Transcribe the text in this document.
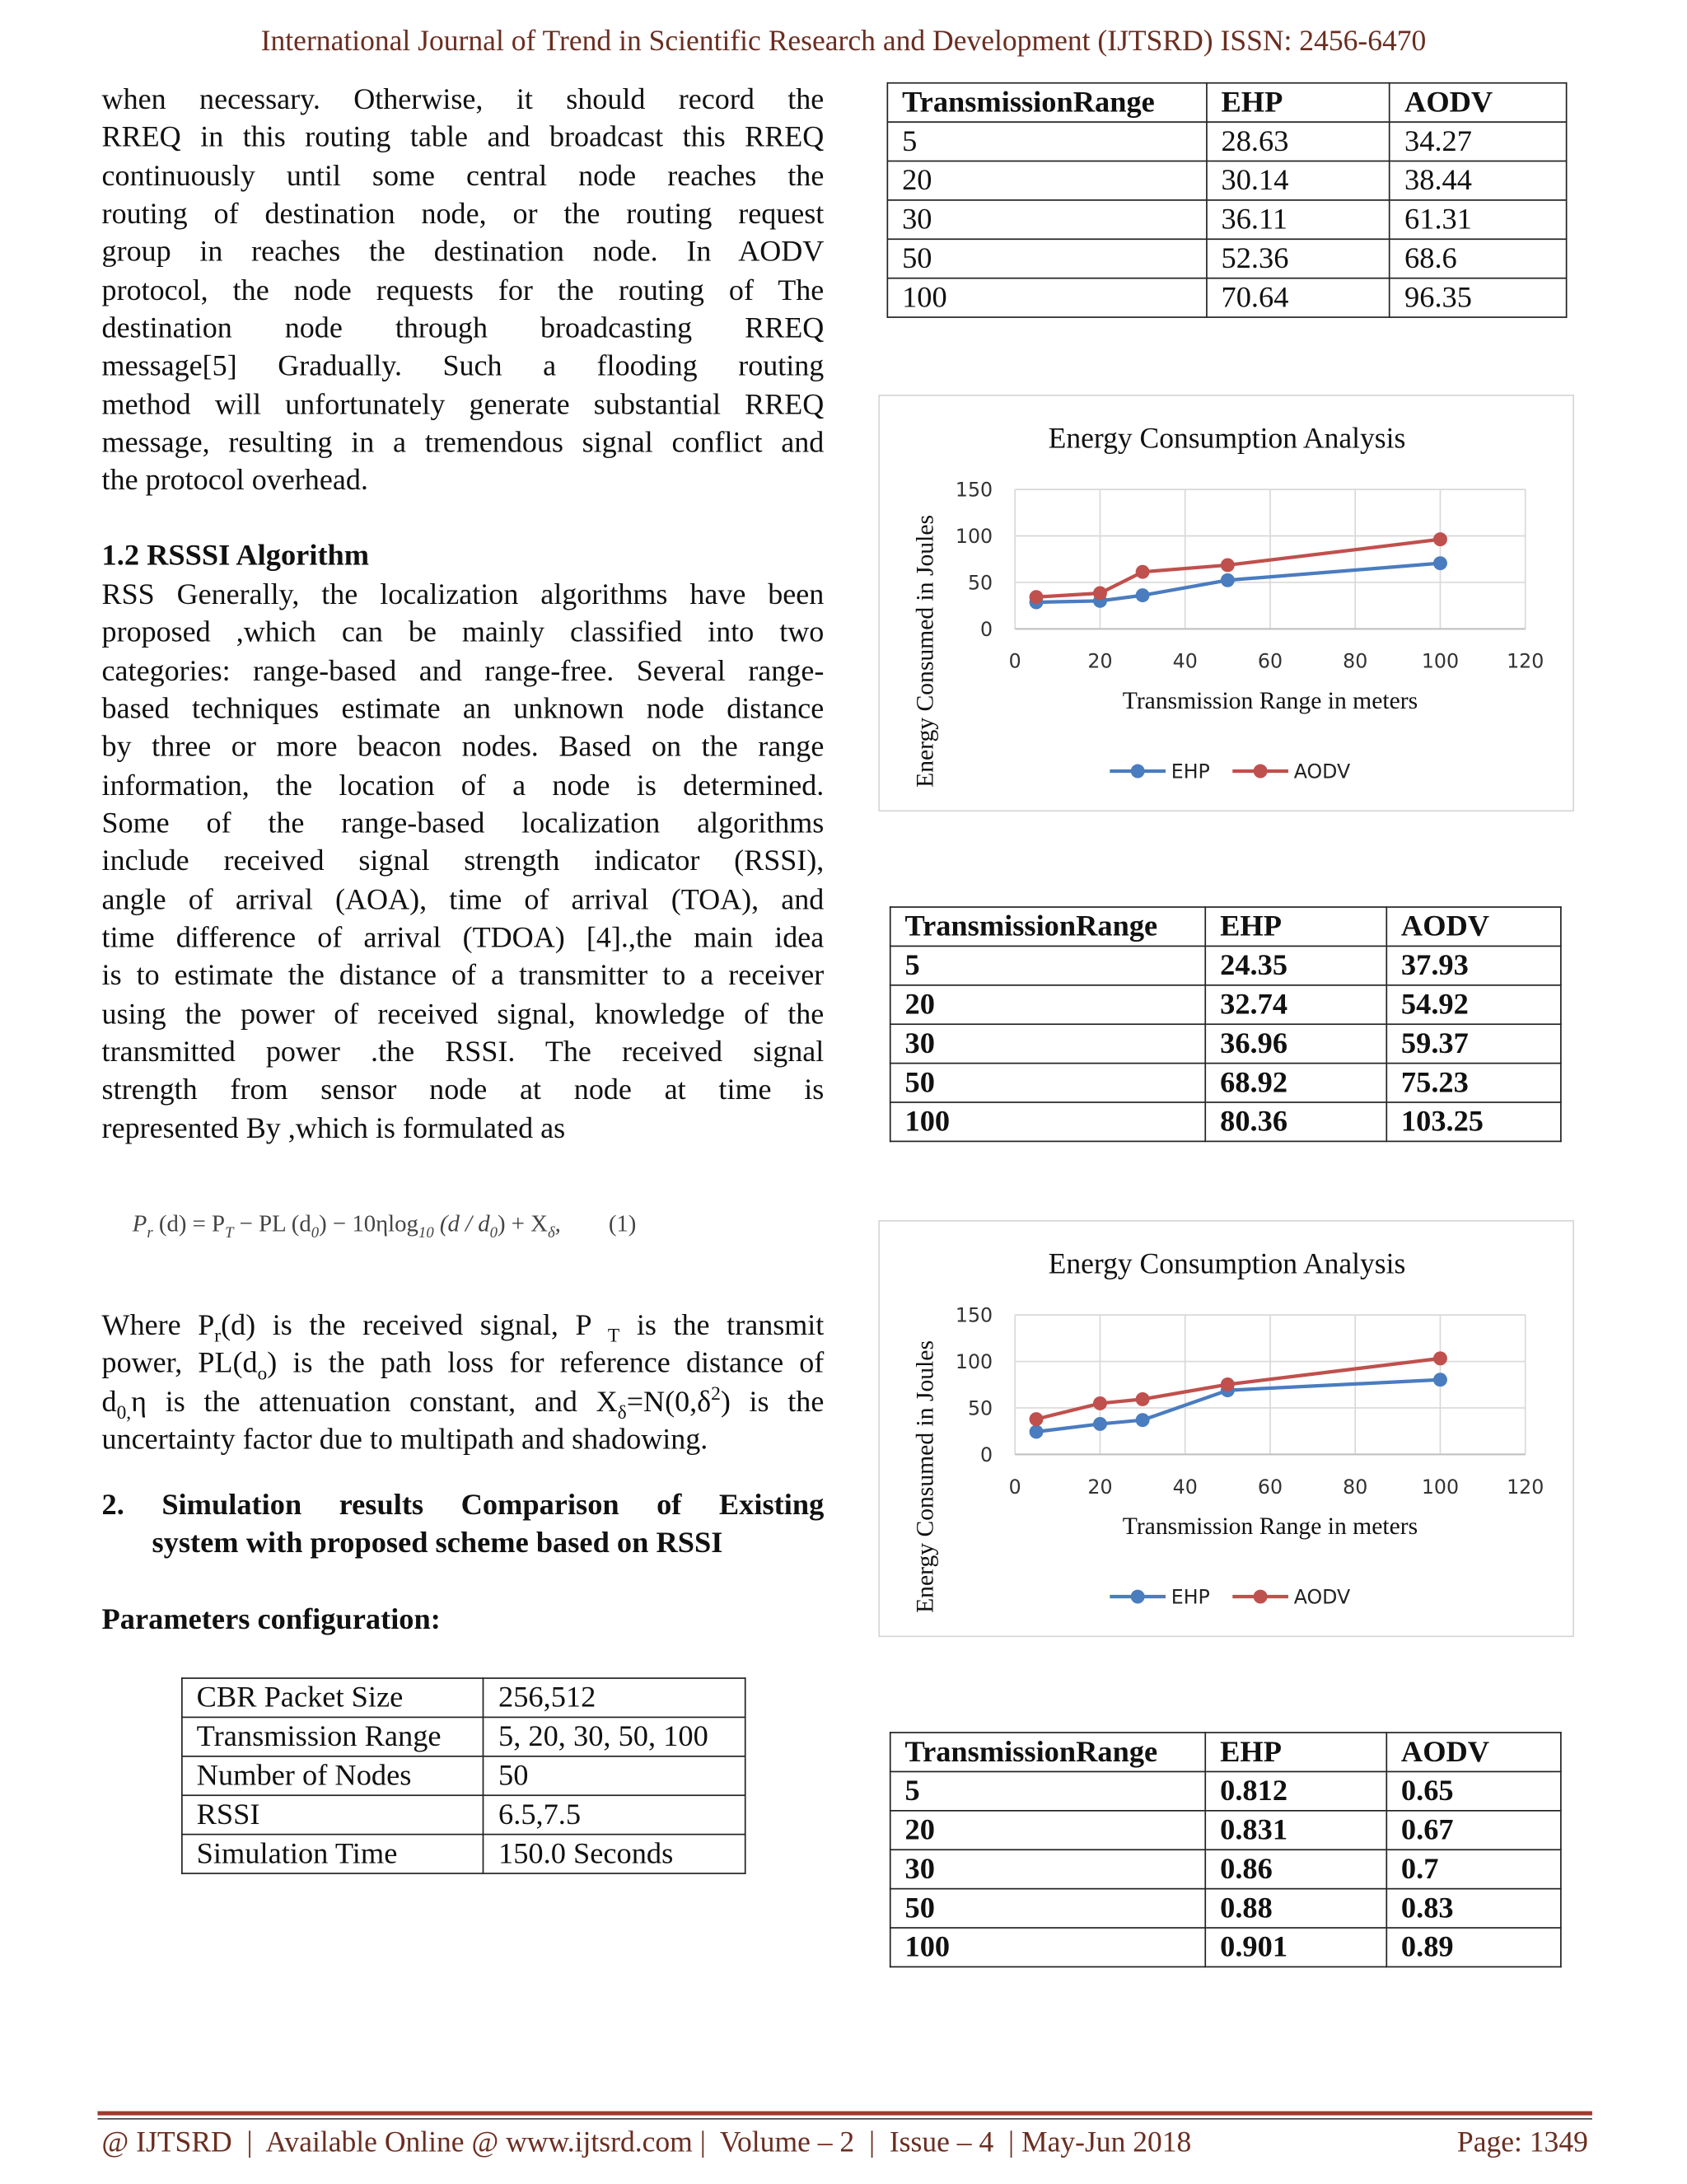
International Journal of Trend in Scientific Research and Development (IJTSRD) ISSN: 2456-6470
when necessary. Otherwise, it should record the
RREQ in this routing table and broadcast this RREQ
continuously until some central node reaches the
routing of destination node, or the routing request
group in reaches the destination node. In AODV
protocol, the node requests for the routing of The
destination node through broadcasting RREQ
message[5] Gradually. Such a flooding routing
method will unfortunately generate substantial RREQ
message, resulting in a tremendous signal conflict and
the protocol overhead.
1.2 RSSSI Algorithm
RSS Generally, the localization algorithms have been
proposed ,which can be mainly classified into two
categories: range-based and range-free. Several range-
based techniques estimate an unknown node distance
by three or more beacon nodes. Based on the range
information, the location of a node is determined.
Some of the range-based localization algorithms
include received signal strength indicator (RSSI),
angle of arrival (AOA), time of arrival (TOA), and
time difference of arrival (TDOA) [4].,the main idea
is to estimate the distance of a transmitter to a receiver
using the power of received signal, knowledge of the
transmitted power .the RSSI. The received signal
strength from sensor node at node at time is
represented By ,which is formulated as
$P_r$ $(d) = P_T$ − PL $(d_0) - 10\eta\log_{10}$ $(d / d_0) + X_\delta$,	(1)
Where $P_r(d)$ is the received signal, P $_T$ is the transmit
power, $PL(d_o)$ is the path loss for reference distance of
$d_{0,}\eta$ is the attenuation constant, and $X_\delta=N(0,\delta^2)$ is the
uncertainty factor due to multipath and shadowing.
2. Simulation results Comparison of Existing
system with proposed scheme based on RSSI
Parameters configuration:
CBR Packet Size	256,512
Transmission Range	5, 20, 30, 50, 100
Number of Nodes	50
RSSI	6.5,7.5
Simulation Time	150.0 Seconds
TransmissionRange	EHP	AODV
5	28.63	34.27
20	30.14	38.44
30	36.11	61.31
50	52.36	68.6
100	70.64	96.35
TransmissionRange	EHP	AODV
5	24.35	37.93
20	32.74	54.92
30	36.96	59.37
50	68.92	75.23
100	80.36	103.25
TransmissionRange	EHP	AODV
5	0.812	0.65
20	0.831	0.67
30	0.86	0.7
50	0.88	0.83
100	0.901	0.89
Energy Consumption Analysis
0
50
100
150
0	20	40	60	80	100	120
Transmission Range in meters
Energy Consumed in Joules	EHP	AODV
Energy Consumption Analysis
0
50
100
150
0	20	40	60	80	100	120
Transmission Range in meters
Energy Consumed in Joules	EHP	AODV
@ IJTSRD  |  Available Online @ www.ijtsrd.com |  Volume – 2  |  Issue – 4  | May-Jun 2018	Page: 1349
